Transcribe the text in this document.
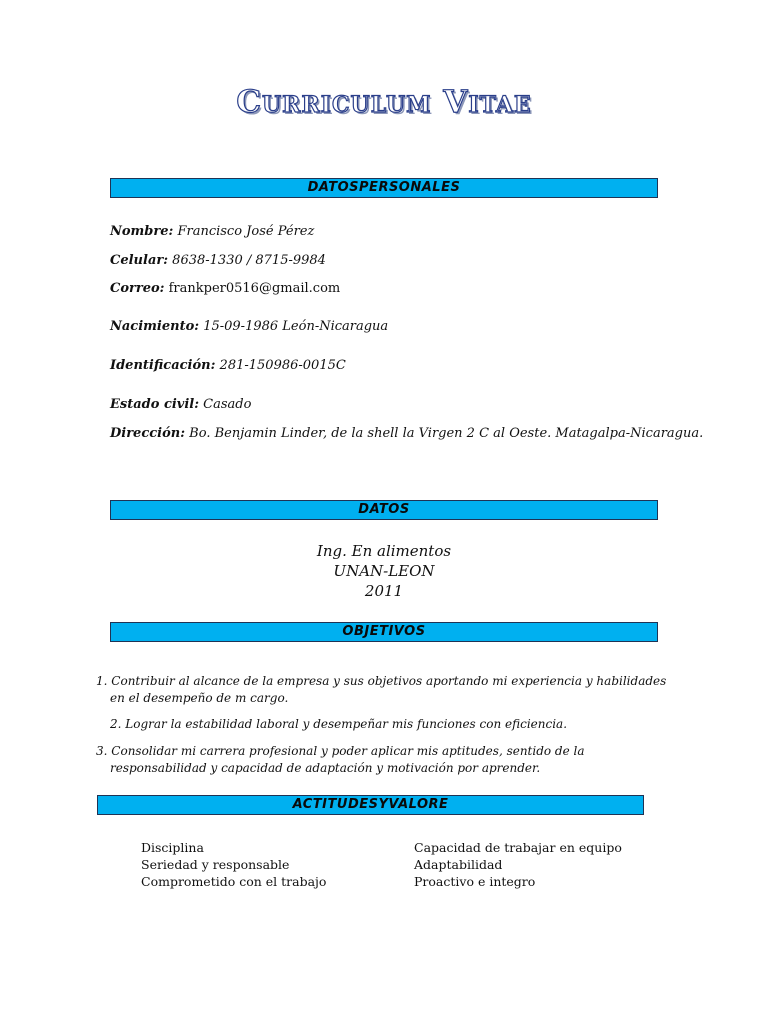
Curriculum Vitae
DATOSPERSONALES
Nombre: Francisco José Pérez
Celular: 8638-1330 / 8715-9984
Correo: frankper0516@gmail.com
Nacimiento: 15-09-1986 León-Nicaragua
Identificación: 281-150986-0015C
Estado civil: Casado
Dirección: Bo. Benjamin Linder, de la shell la Virgen 2 C al Oeste. Matagalpa-Nicaragua.
DATOS
Ing. En alimentos
UNAN-LEON
2011
OBJETIVOS
1. Contribuir al alcance de la empresa y sus objetivos aportando mi experiencia y habilidades
en el desempeño de m cargo.
2. Lograr la estabilidad laboral y desempeñar mis funciones con eficiencia.
3. Consolidar mi carrera profesional y poder aplicar mis aptitudes, sentido de la
responsabilidad y capacidad de adaptación y motivación por aprender.
ACTITUDESYVALORE
Disciplina
Seriedad y responsable
Comprometido con el trabajo
Capacidad de trabajar en equipo
Adaptabilidad
Proactivo e integro
